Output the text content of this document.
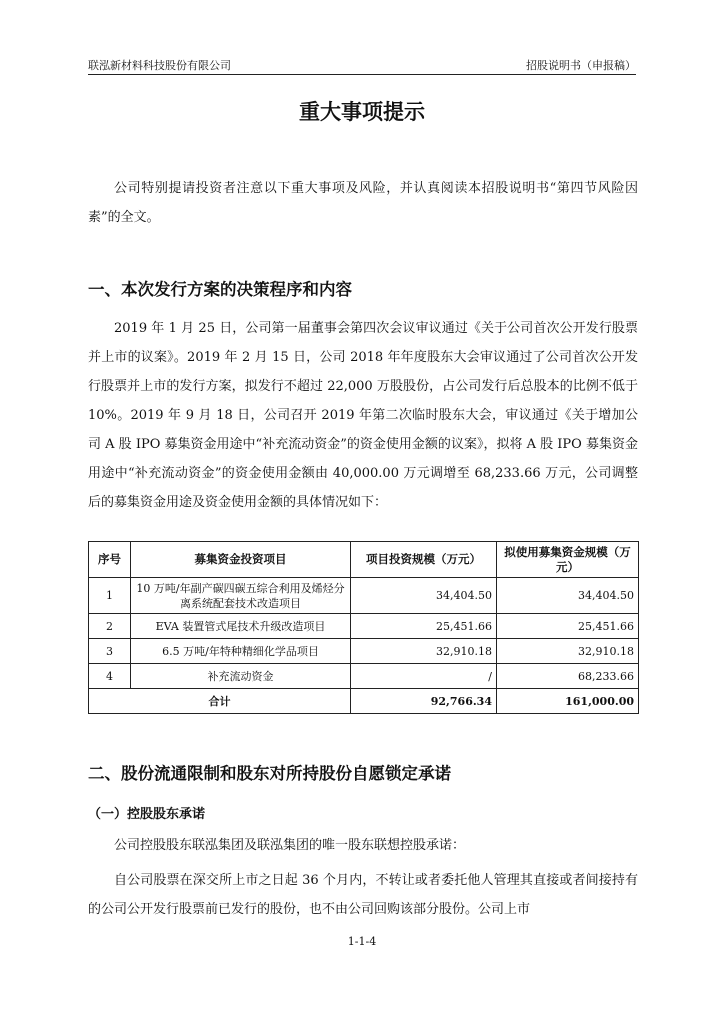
联泓新材料科技股份有限公司	招股说明书（申报稿）
重大事项提示

公司特别提请投资者注意以下重大事项及风险，并认真阅读本招股说明书“第四节风险因素”的全文。

一、本次发行方案的决策程序和内容

2019 年 1 月 25 日，公司第一届董事会第四次会议审议通过《关于公司首次公开发行股票并上市的议案》。2019 年 2 月 15 日，公司 2018 年年度股东大会审议通过了公司首次公开发行股票并上市的发行方案，拟发行不超过 22,000 万股股份，占公司发行后总股本的比例不低于 10%。2019 年 9 月 18 日，公司召开 2019 年第二次临时股东大会，审议通过《关于增加公司 A 股 IPO 募集资金用途中“补充流动资金”的资金使用金额的议案》，拟将 A 股 IPO 募集资金用途中“补充流动资金”的资金使用金额由 40,000.00 万元调增至 68,233.66 万元，公司调整后的募集资金用途及资金使用金额的具体情况如下：

序号	募集资金投资项目	项目投资规模（万元）	拟使用募集资金规模（万元）
1	10 万吨/年副产碳四碳五综合利用及烯烃分离系统配套技术改造项目	34,404.50	34,404.50
2	EVA 装置管式尾技术升级改造项目	25,451.66	25,451.66
3	6.5 万吨/年特种精细化学品项目	32,910.18	32,910.18
4	补充流动资金	/	68,233.66
合计		92,766.34	161,000.00
二、股份流通限制和股东对所持股份自愿锁定承诺
（一）控股股东承诺

公司控股股东联泓集团及联泓集团的唯一股东联想控股承诺：

自公司股票在深交所上市之日起 36 个月内，不转让或者委托他人管理其直接或者间接持有的公司公开发行股票前已发行的股份，也不由公司回购该部分股份。公司上市

1-1-4
